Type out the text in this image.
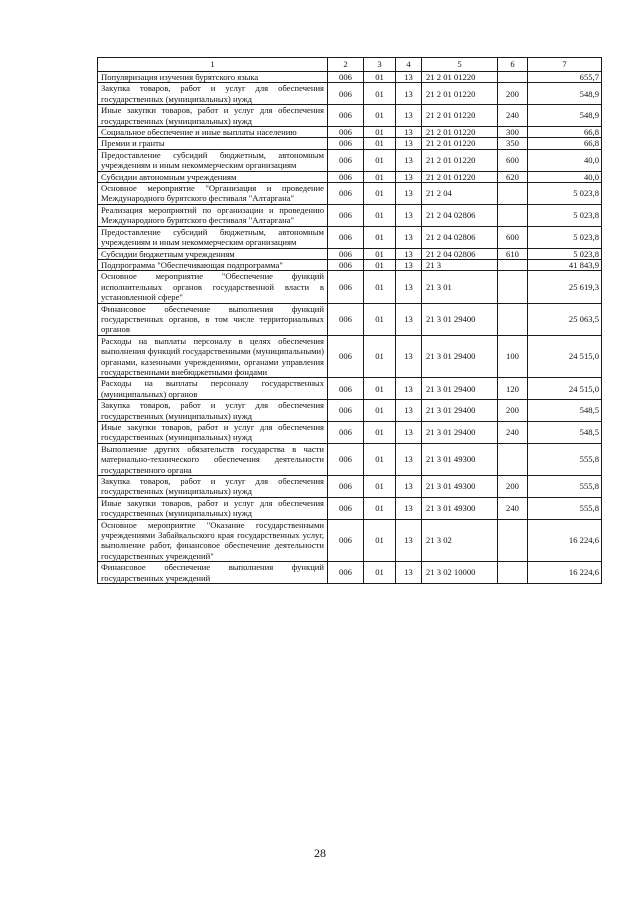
1	2	3	4	5	6	7
Популяризация изучения бурятского языка	006	01	13	21 2 01 01220		655,7
Закупка товаров, работ и услуг для обеспечения государственных (муниципальных) нужд	006	01	13	21 2 01 01220	200	548,9
Иные закупки товаров, работ и услуг для обеспечения государственных (муниципальных) нужд	006	01	13	21 2 01 01220	240	548,9
Социальное обеспечение и иные выплаты населению	006	01	13	21 2 01 01220	300	66,8
Премии и гранты	006	01	13	21 2 01 01220	350	66,8
Предоставление субсидий бюджетным, автономным учреждениям и иным некоммерческим организациям	006	01	13	21 2 01 01220	600	40,0
Субсидии автономным учреждениям	006	01	13	21 2 01 01220	620	40,0
Основное мероприятие "Организация и проведение Международного бурятского фестиваля "Алтаргана"	006	01	13	21 2 04		5 023,8
Реализация мероприятий по организации и проведению Международного бурятского фестиваля "Алтаргана"	006	01	13	21 2 04 02806		5 023,8
Предоставление субсидий бюджетным, автономным учреждениям и иным некоммерческим организациям	006	01	13	21 2 04 02806	600	5 023,8
Субсидии бюджетным учреждениям	006	01	13	21 2 04 02806	610	5 023,8
Подпрограмма "Обеспечивающая подпрограмма"	006	01	13	21 3		41 843,9
Основное мероприятие "Обеспечение функций исполнительных органов государственной власти в установленной сфере"	006	01	13	21 3 01		25 619,3
Финансовое обеспечение выполнения функций государственных органов, в том числе территориальных органов	006	01	13	21 3 01 29400		25 063,5
Расходы на выплаты персоналу в целях обеспечения выполнения функций государственными (муниципальными) органами, казенными учреждениями, органами управления государственными внебюджетными фондами	006	01	13	21 3 01 29400	100	24 515,0
Расходы на выплаты персоналу государственных (муниципальных) органов	006	01	13	21 3 01 29400	120	24 515,0
Закупка товаров, работ и услуг для обеспечения государственных (муниципальных) нужд	006	01	13	21 3 01 29400	200	548,5
Иные закупки товаров, работ и услуг для обеспечения государственных (муниципальных) нужд	006	01	13	21 3 01 29400	240	548,5
Выполнение других обязательств государства в части материально-технического обеспечения деятельности государственного органа	006	01	13	21 3 01 49300		555,8
Закупка товаров, работ и услуг для обеспечения государственных (муниципальных) нужд	006	01	13	21 3 01 49300	200	555,8
Иные закупки товаров, работ и услуг для обеспечения государственных (муниципальных) нужд	006	01	13	21 3 01 49300	240	555,8
Основное мероприятие "Оказание государственными учреждениями Забайкальского края государственных услуг, выполнение работ, финансовое обеспечение деятельности государственных учреждений"	006	01	13	21 3 02		16 224,6
Финансовое обеспечение выполнения функций государственных учреждений	006	01	13	21 3 02 10000		16 224,6
28
